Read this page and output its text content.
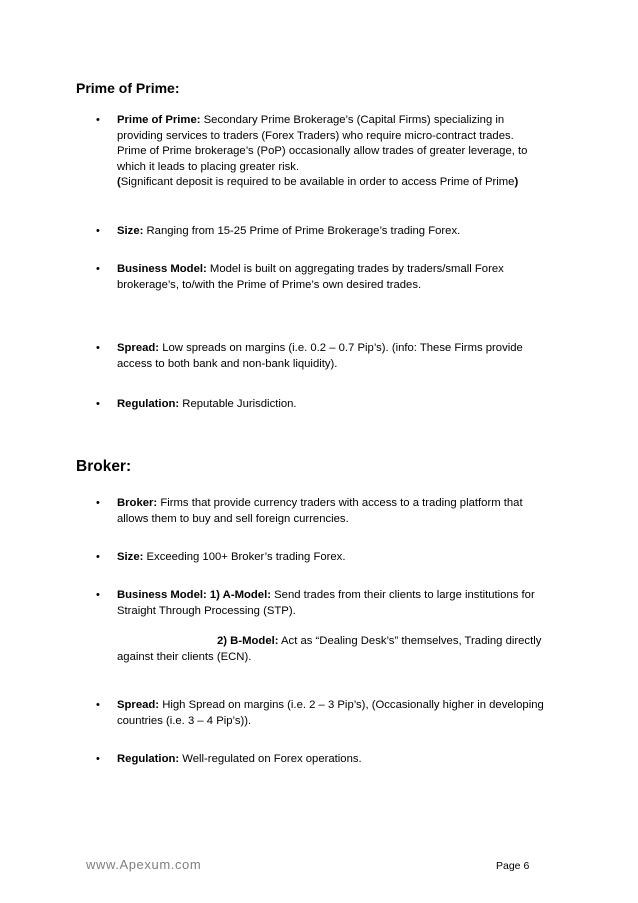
Prime of Prime:
• Prime of Prime: Secondary Prime Brokerage’s (Capital Firms) specializing in
providing services to traders (Forex Traders) who require micro-contract trades.
Prime of Prime brokerage’s (PoP) occasionally allow trades of greater leverage, to
which it leads to placing greater risk.
(Significant deposit is required to be available in order to access Prime of Prime)
• Size: Ranging from 15-25 Prime of Prime Brokerage’s trading Forex.
• Business Model: Model is built on aggregating trades by traders/small Forex
brokerage’s, to/with the Prime of Prime’s own desired trades.
• Spread: Low spreads on margins (i.e. 0.2 – 0.7 Pip’s). (info: These Firms provide
access to both bank and non-bank liquidity).
• Regulation: Reputable Jurisdiction.
Broker:
• Broker: Firms that provide currency traders with access to a trading platform that
allows them to buy and sell foreign currencies.
• Size: Exceeding 100+ Broker’s trading Forex.
• Business Model: 1) A-Model: Send trades from their clients to large institutions for
Straight Through Processing (STP).
2) B-Model: Act as “Dealing Desk’s” themselves, Trading directly
against their clients (ECN).
• Spread: High Spread on margins (i.e. 2 – 3 Pip’s), (Occasionally higher in developing
countries (i.e. 3 – 4 Pip’s)).
• Regulation: Well-regulated on Forex operations.
www.Apexum.com	Page 6
